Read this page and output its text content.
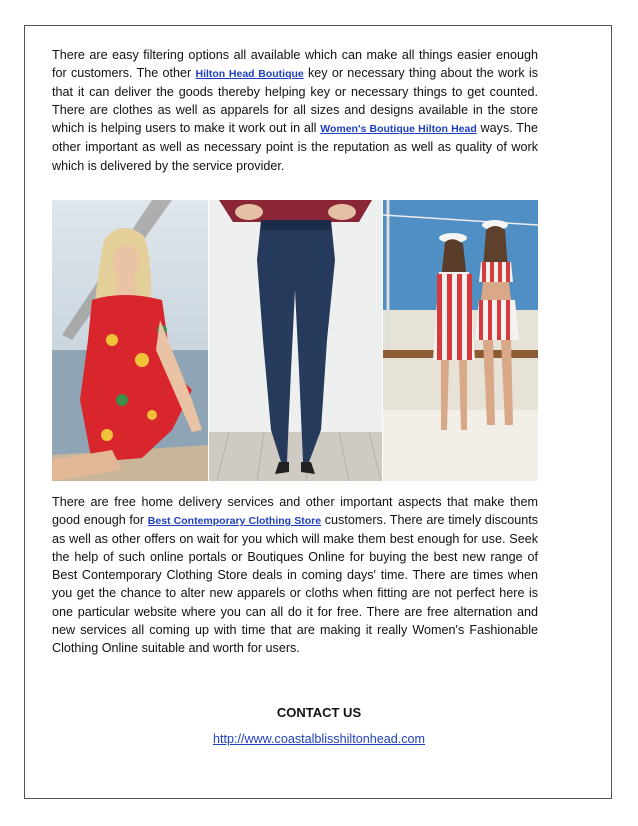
There are easy filtering options all available which can make all things easier enough for customers. The other Hilton Head Boutique key or necessary thing about the work is that it can deliver the goods thereby helping key or necessary things to get counted. There are clothes as well as apparels for all sizes and designs available in the store which is helping users to make it work out in all Women's Boutique Hilton Head ways. The other important as well as necessary point is the reputation as well as quality of work which is delivered by the service provider.

There are free home delivery services and other important aspects that make them good enough for Best Contemporary Clothing Store customers. There are timely discounts as well as other offers on wait for you which will make them best enough for use. Seek the help of such online portals or Boutiques Online for buying the best new range of Best Contemporary Clothing Store deals in coming days' time. There are times when you get the chance to alter new apparels or cloths when fitting are not perfect here is one particular website where you can all do it for free. There are free alternation and new services all coming up with time that are making it really Women's Fashionable Clothing Online suitable and worth for users.

CONTACT US
http://www.coastalblisshiltonhead.com
